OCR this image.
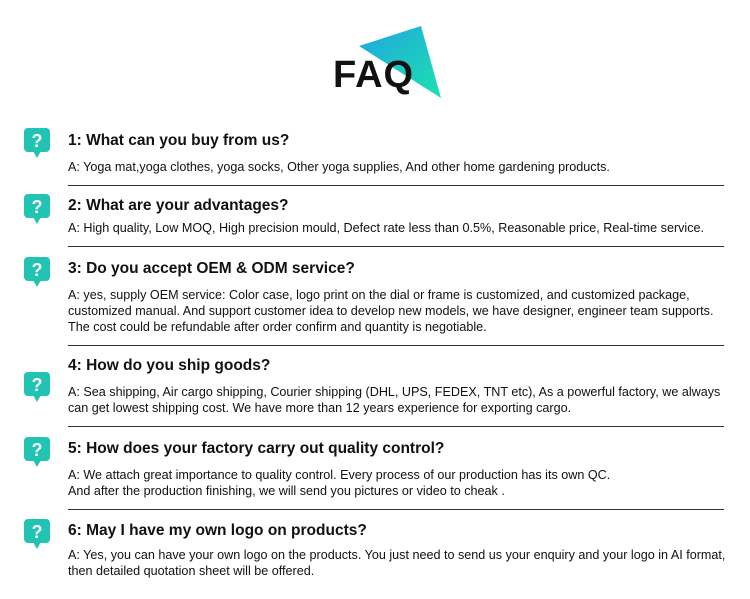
FAQ
? 1: What can you buy from us?
A: Yoga mat,yoga clothes, yoga socks, Other yoga supplies, And other home gardening products.
? 2: What are your advantages?
A: High quality, Low MOQ, High precision mould, Defect rate less than 0.5%, Reasonable price, Real-time service.
? 3: Do you accept OEM & ODM service?
A: yes, supply OEM service: Color case, logo print on the dial or frame is customized, and customized package, customized manual. And support customer idea to develop new models, we have designer, engineer team supports. The cost could be refundable after order confirm and quantity is negotiable.
?
4: How do you ship goods?
A: Sea shipping, Air cargo shipping, Courier shipping (DHL, UPS, FEDEX, TNT etc), As a powerful factory, we always can get lowest shipping cost. We have more than 12 years experience for exporting cargo.
? 5: How does your factory carry out quality control?
A: We attach great importance to quality control. Every process of our production has its own QC.
And after the production finishing, we will send you pictures or video to cheak .
? 6: May I have my own logo on products?
A: Yes, you can have your own logo on the products. You just need to send us your enquiry and your logo in AI format, then detailed quotation sheet will be offered.
